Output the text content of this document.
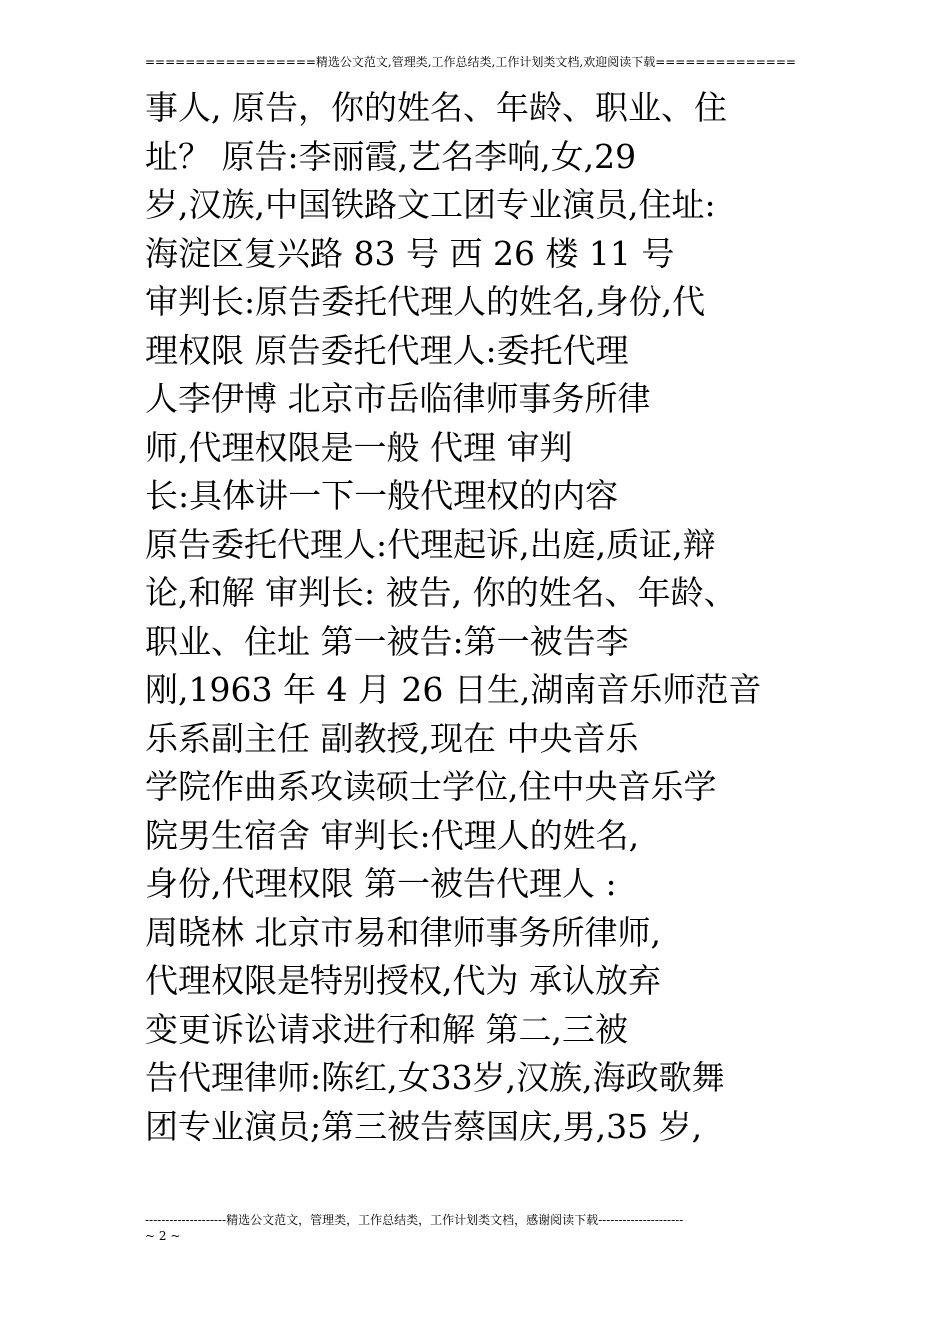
=================精选公文范文,管理类,工作总结类,工作计划类文档,欢迎阅读下载==============
事人, 原告，你的姓名、年龄、职业、住
址？ 原告:李丽霞,艺名李响,女,29
岁,汉族,中国铁路文工团专业演员,住址:
海淀区复兴路 83 号 西 26 楼 11 号
审判长:原告委托代理人的姓名,身份,代
理权限 原告委托代理人:委托代理
人李伊博 北京市岳临律师事务所律
师,代理权限是一般 代理 审判
长:具体讲一下一般代理权的内容
原告委托代理人:代理起诉,出庭,质证,辩
论,和解 审判长: 被告, 你的姓名、年龄、
职业、住址 第一被告:第一被告李
刚,1963 年 4 月 26 日生,湖南音乐师范音
乐系副主任 副教授,现在 中央音乐
学院作曲系攻读硕士学位,住中央音乐学
院男生宿舍 审判长:代理人的姓名,
身份,代理权限 第一被告代理人 :
周晓林 北京市易和律师事务所律师,
代理权限是特别授权,代为 承认放弃
变更诉讼请求进行和解 第二,三被
告代理律师:陈红,女33岁,汉族,海政歌舞
团专业演员;第三被告蔡国庆,男,35 岁,
--------------------精选公文范文，管理类，工作总结类，工作计划类文档，感谢阅读下载---------------------
~ 2 ~
